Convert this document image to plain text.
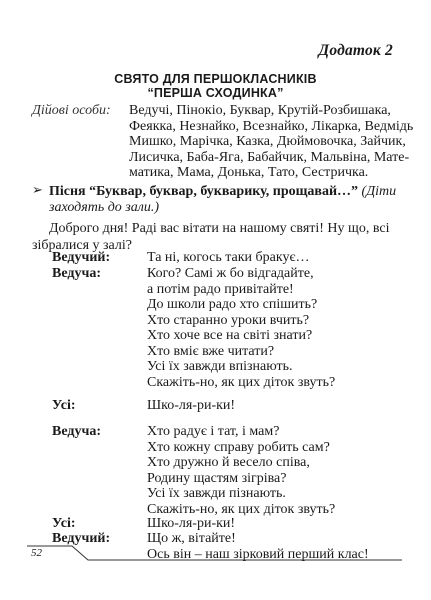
Додаток 2
СВЯТО ДЛЯ ПЕРШОКЛАСНИКІВ
“ПЕРША СХОДИНКА”
Дійові особи: Ведучі, Пінокіо, Буквар, Крутій-Розбишака,
Феякка, Незнайко, Всезнайко, Лікарка, Ведмідь
Мишко, Марічка, Казка, Дюймовочка, Зайчик,
Лисичка, Баба-Яга, Бабайчик, Мальвіна, Мате-
матика, Мама, Донька, Тато, Сестричка.
➢ Пісня “Буквар, буквар, букварику, прощавай…” (Діти
заходять до зали.)
Доброго дня! Раді вас вітати на нашому святі! Ну що, всі
зібралися у залі?
Ведучий:	Та ні, когось таки бракує…
Ведуча:	Кого? Самі ж бо відгадайте,
а потім радо привітайте!
До школи радо хто спішить?
Хто старанно уроки вчить?
Хто хоче все на світі знати?
Хто вміє вже читати?
Усі їх завжди впізнають.
Скажіть-но, як цих діток звуть?
Усі:	Шко-ля-ри-ки!
Ведуча:	Хто радує і тат, і мам?
Хто кожну справу робить сам?
Хто дружно й весело співа,
Родину щастям зігріва?
Усі їх завжди пізнають.
Скажіть-но, як цих діток звуть?
Усі:	Шко-ля-ри-ки!
Ведучий:	Що ж, вітайте!
Ось він – наш зірковий перший клас!
52
